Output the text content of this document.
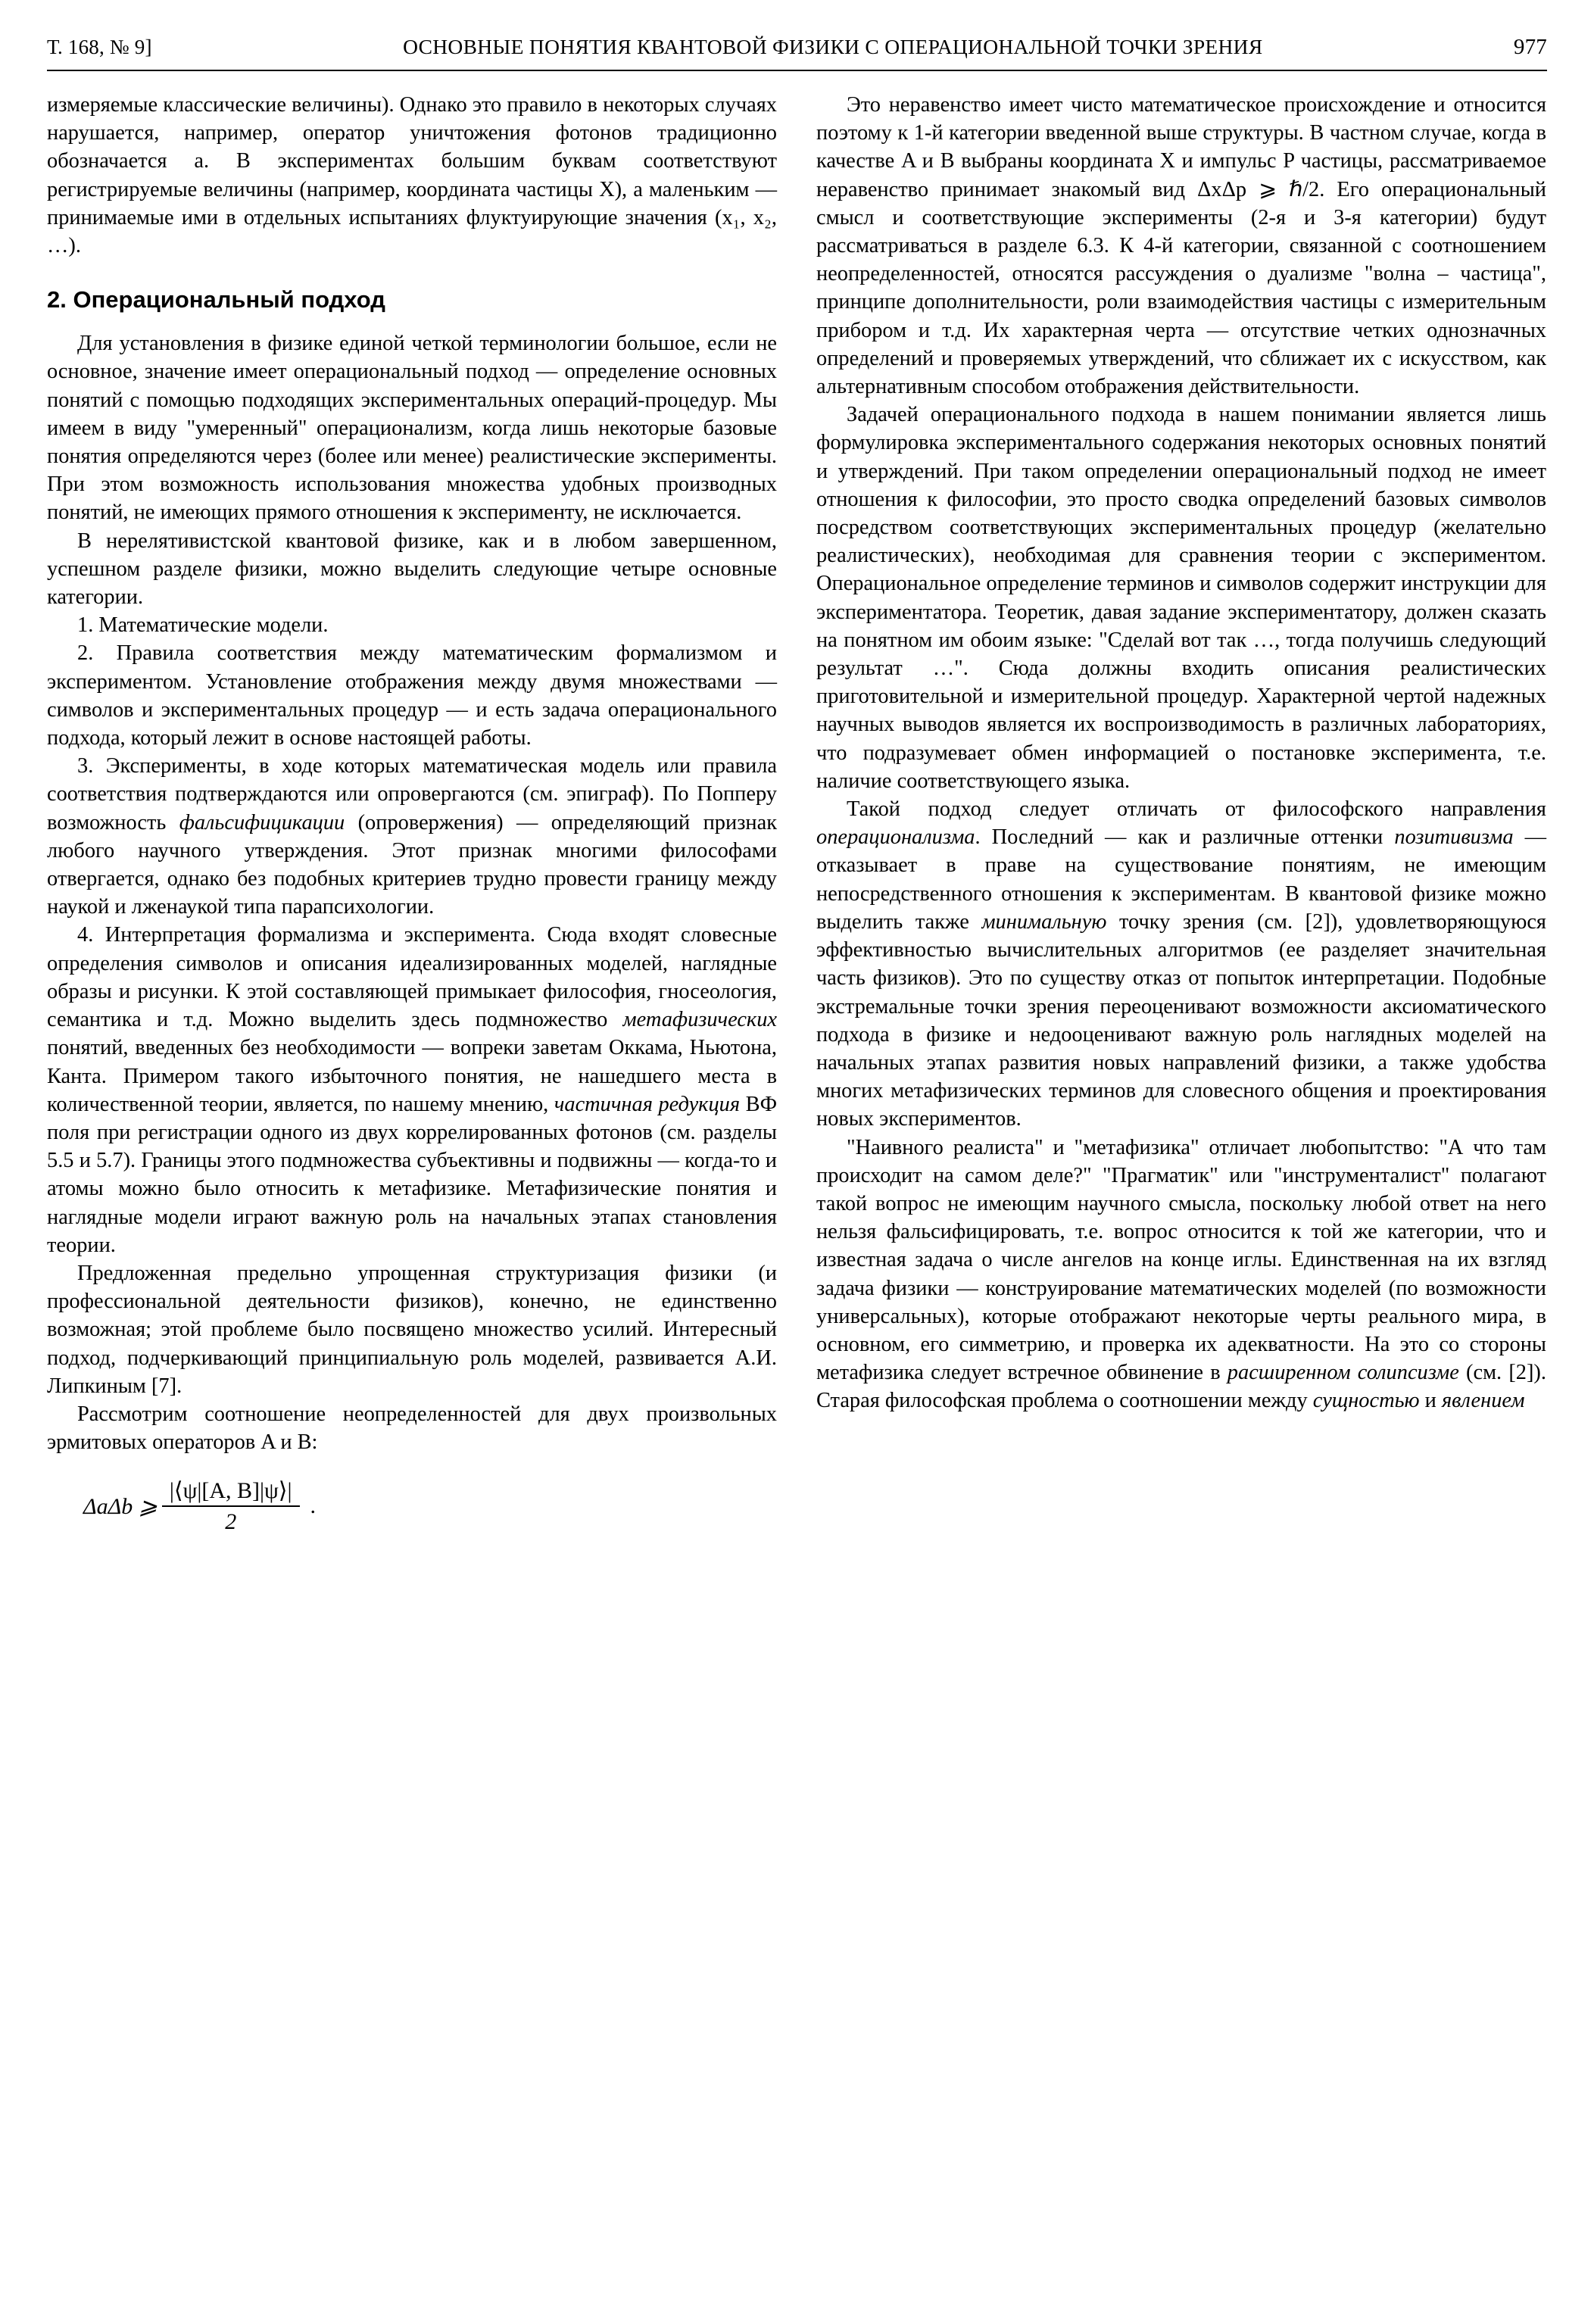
Т. 168, № 9]	ОСНОВНЫЕ ПОНЯТИЯ КВАНТОВОЙ ФИЗИКИ С ОПЕРАЦИОНАЛЬНОЙ ТОЧКИ ЗРЕНИЯ	977

измеряемые классические величины). Однако это правило в некоторых случаях нарушается, например, оператор уничтожения фотонов традиционно обозначается a. В экспериментах большим буквам соответствуют регистрируемые величины (например, координата частицы X), а маленьким — принимаемые ими в отдельных испытаниях флуктуирующие значения (x₁, x₂, …).

2. Операциональный подход

Для установления в физике единой четкой терминологии большое, если не основное, значение имеет операциональный подход — определение основных понятий с помощью подходящих экспериментальных операций-процедур. Мы имеем в виду "умеренный" операционализм, когда лишь некоторые базовые понятия определяются через (более или менее) реалистические эксперименты. При этом возможность использования множества удобных производных понятий, не имеющих прямого отношения к эксперименту, не исключается.

В нерелятивистской квантовой физике, как и в любом завершенном, успешном разделе физики, можно выделить следующие четыре основные категории.

1. Математические модели.

2. Правила соответствия между математическим формализмом и экспериментом. Установление отображения между двумя множествами — символов и экспериментальных процедур — и есть задача операционального подхода, который лежит в основе настоящей работы.

3. Эксперименты, в ходе которых математическая модель или правила соответствия подтверждаются или опровергаются (см. эпиграф). По Попперу возможность фальсифицикации (опровержения) — определяющий признак любого научного утверждения. Этот признак многими философами отвергается, однако без подобных критериев трудно провести границу между наукой и лженаукой типа парапсихологии.

4. Интерпретация формализма и эксперимента. Сюда входят словесные определения символов и описания идеализированных моделей, наглядные образы и рисунки. К этой составляющей примыкает философия, гносеология, семантика и т.д. Можно выделить здесь подмножество метафизических понятий, введенных без необходимости — вопреки заветам Оккама, Ньютона, Канта. Примером такого избыточного понятия, не нашедшего места в количественной теории, является, по нашему мнению, частичная редукция ВФ поля при регистрации одного из двух коррелированных фотонов (см. разделы 5.5 и 5.7). Границы этого подмножества субъективны и подвижны — когда-то и атомы можно было относить к метафизике. Метафизические понятия и наглядные модели играют важную роль на начальных этапах становления теории.

Предложенная предельно упрощенная структуризация физики (и профессиональной деятельности физиков), конечно, не единственно возможная; этой проблеме было посвящено множество усилий. Интересный подход, подчеркивающий принципиальную роль моделей, развивается А.И. Липкиным [7].

Рассмотрим соотношение неопределенностей для двух произвольных эрмитовых операторов A и B:

ΔaΔb ⩾ $\frac{|⟨\psi|[A, B]|\psi⟩|}{2}$ .

Это неравенство имеет чисто математическое происхождение и относится поэтому к 1-й категории введенной выше структуры. В частном случае, когда в качестве A и B выбраны координата X и импульс P частицы, рассматриваемое неравенство принимает знакомый вид ΔxΔp ⩾ ℏ/2. Его операциональный смысл и соответствующие эксперименты (2-я и 3-я категории) будут рассматриваться в разделе 6.3. К 4-й категории, связанной с соотношением неопределенностей, относятся рассуждения о дуализме "волна – частица", принципе дополнительности, роли взаимодействия частицы с измерительным прибором и т.д. Их характерная черта — отсутствие четких однозначных определений и проверяемых утверждений, что сближает их с искусством, как альтернативным способом отображения действительности.

Задачей операционального подхода в нашем понимании является лишь формулировка экспериментального содержания некоторых основных понятий и утверждений. При таком определении операциональный подход не имеет отношения к философии, это просто сводка определений базовых символов посредством соответствующих экспериментальных процедур (желательно реалистических), необходимая для сравнения теории с экспериментом. Операциональное определение терминов и символов содержит инструкции для экспериментатора. Теоретик, давая задание экспериментатору, должен сказать на понятном им обоим языке: "Сделай вот так …, тогда получишь следующий результат …". Сюда должны входить описания реалистических приготовительной и измерительной процедур. Характерной чертой надежных научных выводов является их воспроизводимость в различных лабораториях, что подразумевает обмен информацией о постановке эксперимента, т.е. наличие соответствующего языка.

Такой подход следует отличать от философского направления операционализма. Последний — как и различные оттенки позитивизма — отказывает в праве на существование понятиям, не имеющим непосредственного отношения к экспериментам. В квантовой физике можно выделить также минимальную точку зрения (см. [2]), удовлетворяющуюся эффективностью вычислительных алгоритмов (ее разделяет значительная часть физиков). Это по существу отказ от попыток интерпретации. Подобные экстремальные точки зрения переоценивают возможности аксиоматического подхода в физике и недооценивают важную роль наглядных моделей на начальных этапах развития новых направлений физики, а также удобства многих метафизических терминов для словесного общения и проектирования новых экспериментов.

"Наивного реалиста" и "метафизика" отличает любопытство: "А что там происходит на самом деле?" "Прагматик" или "инструменталист" полагают такой вопрос не имеющим научного смысла, поскольку любой ответ на него нельзя фальсифицировать, т.е. вопрос относится к той же категории, что и известная задача о числе ангелов на конце иглы. Единственная на их взгляд задача физики — конструирование математических моделей (по возможности универсальных), которые отображают некоторые черты реального мира, в основном, его симметрию, и проверка их адекватности. На это со стороны метафизика следует встречное обвинение в расширенном солипсизме (см. [2]). Старая философская проблема о соотношении между сущностью и явлением
